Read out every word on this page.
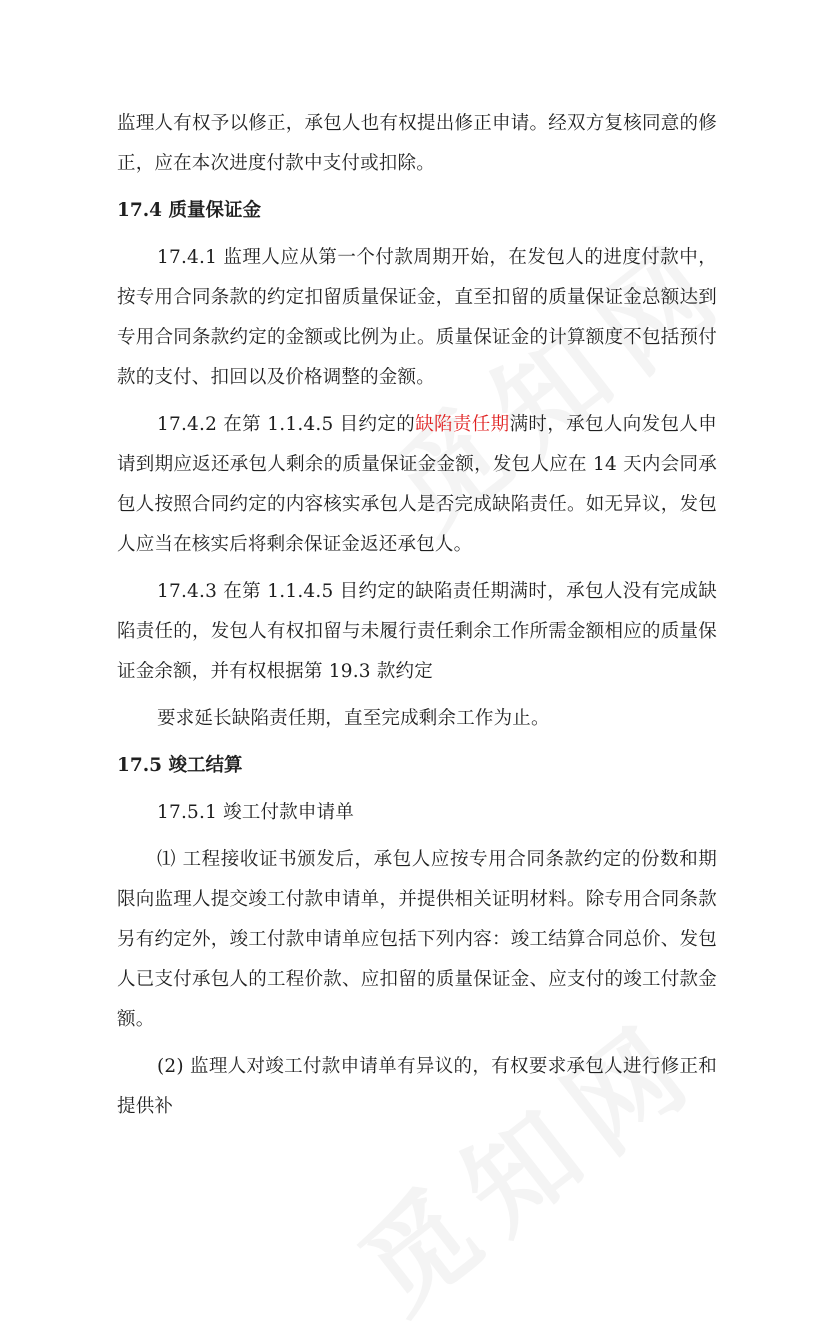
监理人有权予以修正，承包人也有权提出修正申请。经双方复核同意的修正，应在本次进度付款中支付或扣除。

17.4 质量保证金

17.4.1 监理人应从第一个付款周期开始，在发包人的进度付款中，按专用合同条款的约定扣留质量保证金，直至扣留的质量保证金总额达到专用合同条款约定的金额或比例为止。质量保证金的计算额度不包括预付款的支付、扣回以及价格调整的金额。

17.4.2 在第 1.1.4.5 目约定的缺陷责任期满时，承包人向发包人申请到期应返还承包人剩余的质量保证金金额，发包人应在 14 天内会同承包人按照合同约定的内容核实承包人是否完成缺陷责任。如无异议，发包人应当在核实后将剩余保证金返还承包人。

17.4.3 在第 1.1.4.5 目约定的缺陷责任期满时，承包人没有完成缺陷责任的，发包人有权扣留与未履行责任剩余工作所需金额相应的质量保证金余额，并有权根据第 19.3 款约定

要求延长缺陷责任期，直至完成剩余工作为止。

17.5 竣工结算

17.5.1 竣工付款申请单

⑴ 工程接收证书颁发后，承包人应按专用合同条款约定的份数和期限向监理人提交竣工付款申请单，并提供相关证明材料。除专用合同条款另有约定外，竣工付款申请单应包括下列内容：竣工结算合同总价、发包人已支付承包人的工程价款、应扣留的质量保证金、应支付的竣工付款金额。

(2) 监理人对竣工付款申请单有异议的，有权要求承包人进行修正和提供补
